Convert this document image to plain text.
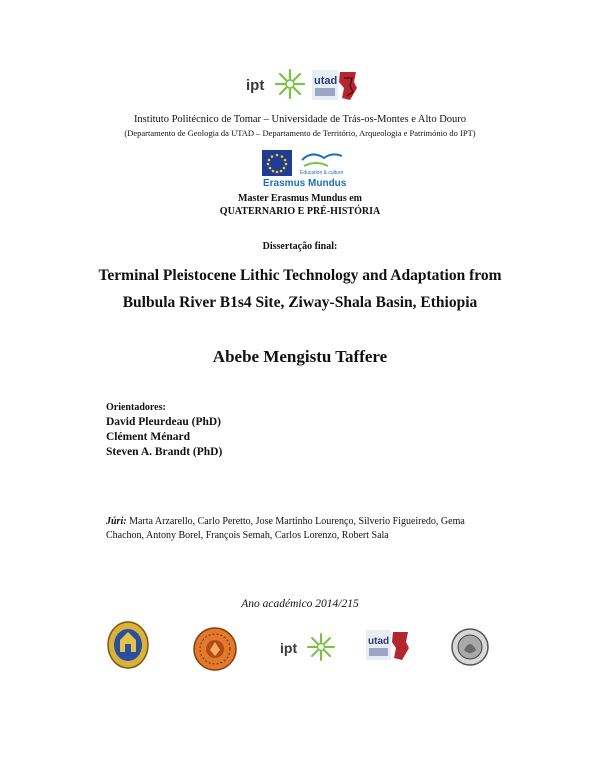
ipt	utad
Instituto Politécnico de Tomar – Universidade de Trás-os-Montes e Alto Douro
(Departamento de Geologia da UTAD – Departamento de Território, Arqueologia e Património do IPT)
Education & culture
Erasmus Mundus
Master Erasmus Mundus em
QUATERNARIO E PRÉ-HISTÓRIA
Dissertação final:
Terminal Pleistocene Lithic Technology and Adaptation from
Bulbula River B1s4 Site, Ziway-Shala Basin, Ethiopia
Abebe Mengistu Taffere
Orientadores:
David Pleurdeau (PhD)
Clément Ménard
Steven A. Brandt (PhD)
Júri: Marta Arzarello, Carlo Peretto, Jose Martinho Lourenço, Silverio Figueiredo, Gema Chachon, Antony Borel, François Semah, Carlos Lorenzo, Robert Sala
Ano académico 2014/215
ipt	utad
